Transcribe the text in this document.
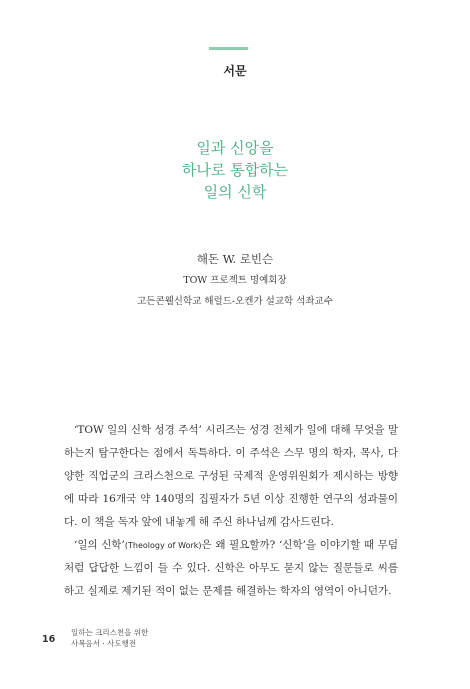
서문
일과 신앙을
하나로 통합하는
일의 신학
해돈 W. 로빈슨
TOW 프로젝트 명예회장
고든콘웰신학교 해럴드-오켄가 설교학 석좌교수

‘TOW 일의 신학 성경 주석’ 시리즈는 성경 전체가 일에 대해 무엇을 말하는지 탐구한다는 점에서 독특하다. 이 주석은 스무 명의 학자, 목사, 다양한 직업군의 크리스천으로 구성된 국제적 운영위원회가 제시하는 방향에 따라 16개국 약 140명의 집필자가 5년 이상 진행한 연구의 성과물이다. 이 책을 독자 앞에 내놓게 해 주신 하나님께 감사드린다.

‘일의 신학’(Theology of Work)은 왜 필요할까? ‘신학’을 이야기할 때 무덤처럼 답답한 느낌이 들 수 있다. 신학은 아무도 묻지 않는 질문들로 씨름하고 실제로 제기된 적이 없는 문제를 해결하는 학자의 영역이 아니던가.

16
일하는 크리스천을 위한
사복음서 · 사도행전
